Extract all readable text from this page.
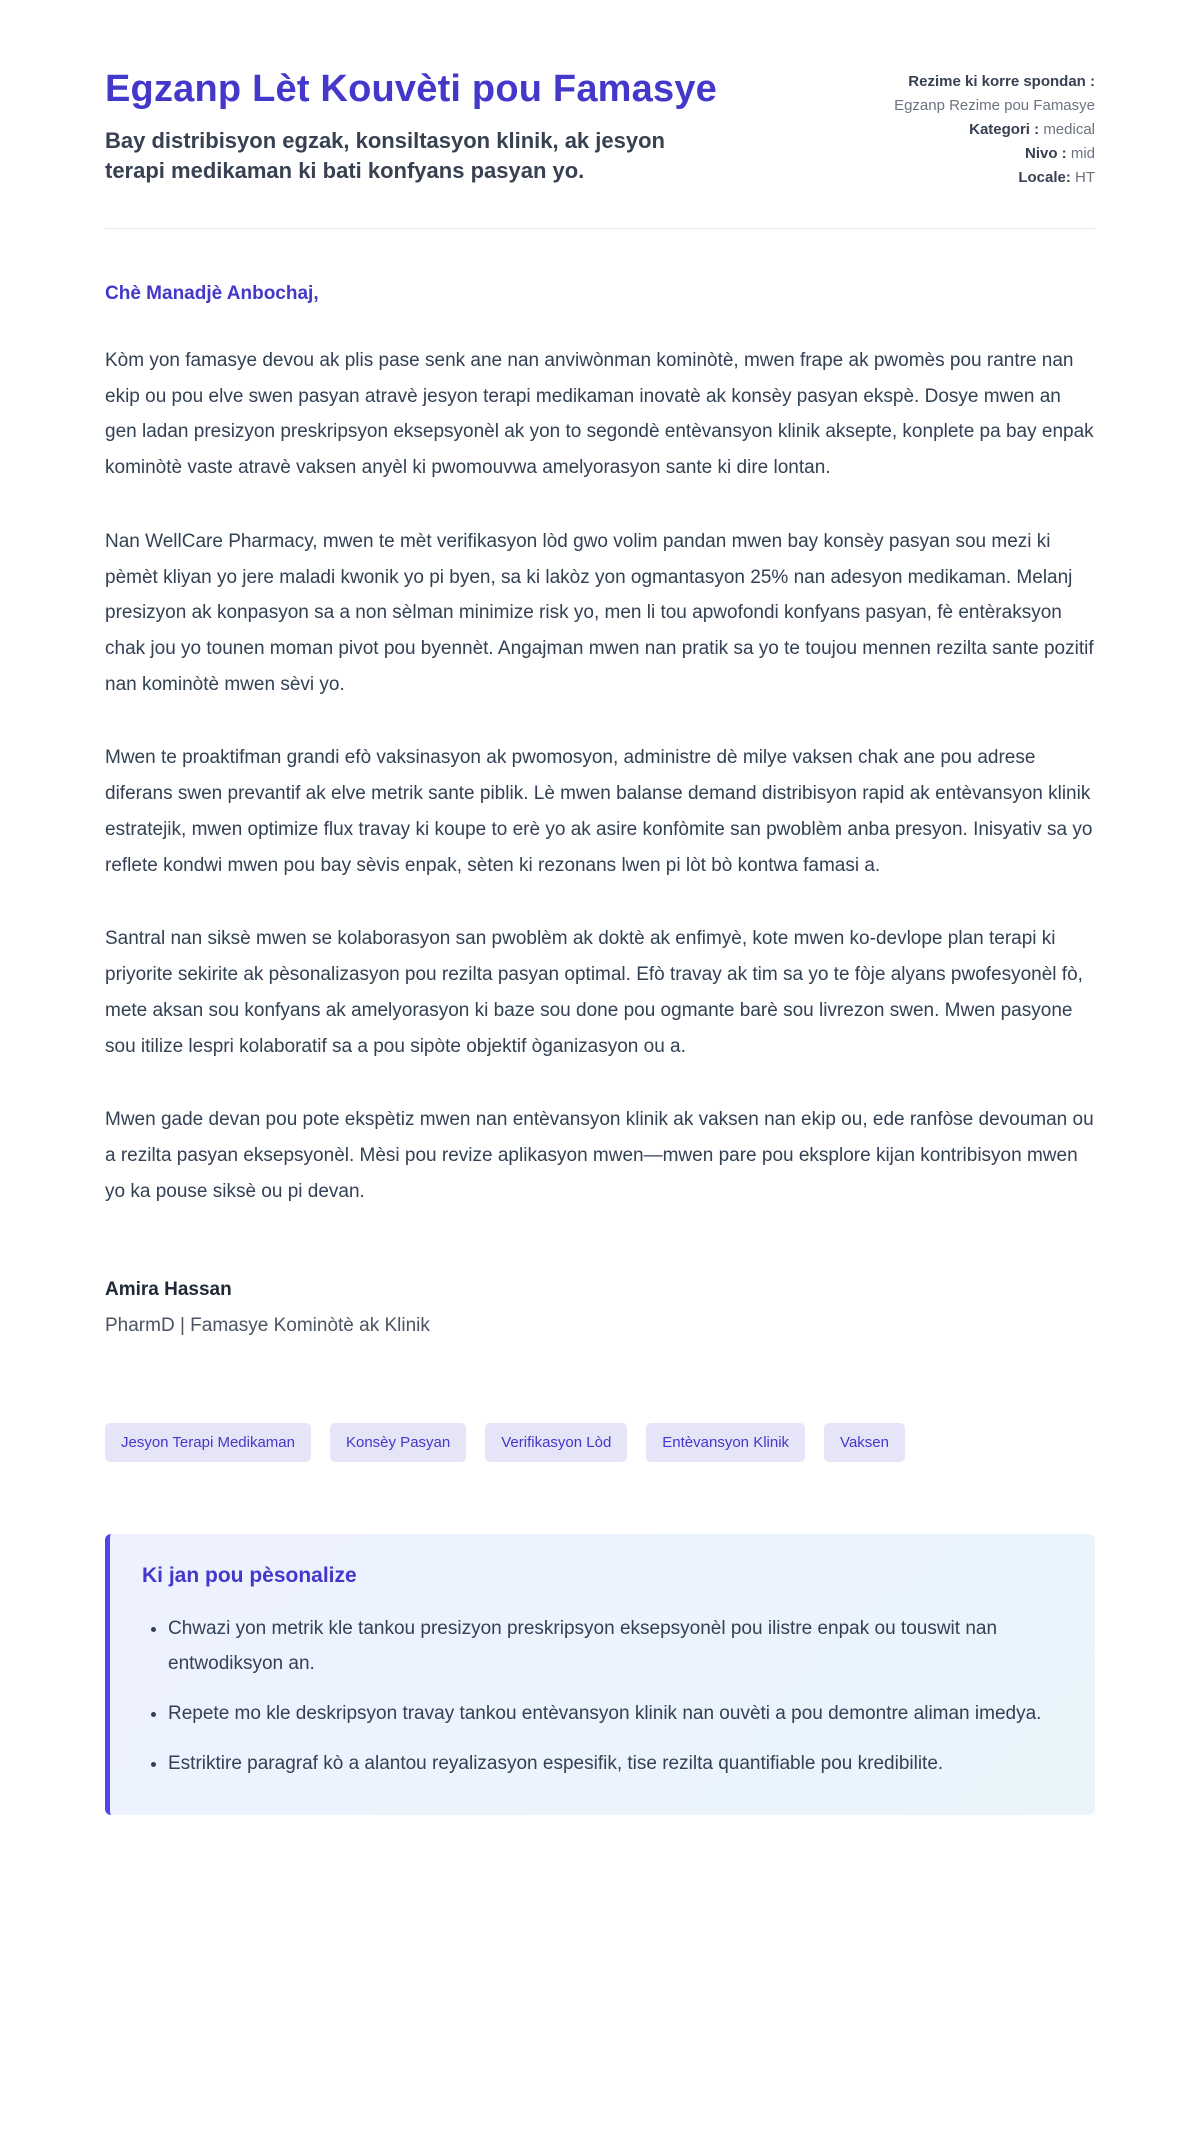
Egzanp Lèt Kouvèti pou Famasye

Bay distribisyon egzak, konsiltasyon klinik, ak jesyon terapi medikaman ki bati konfyans pasyan yo.

Rezime ki korre spondan : Egzanp Rezime pou Famasye

Kategori : medical

Nivo : mid

Locale: HT

Chè Manadjè Anbochaj,

Kòm yon famasye devou ak plis pase senk ane nan anviwònman kominòtè, mwen frape ak pwomès pou rantre nan ekip ou pou elve swen pasyan atravè jesyon terapi medikaman inovatè ak konsèy pasyan ekspè. Dosye mwen an gen ladan presizyon preskripsyon eksepsyonèl ak yon to segondè entèvansyon klinik aksepte, konplete pa bay enpak kominòtè vaste atravè vaksen anyèl ki pwomouvwa amelyorasyon sante ki dire lontan.

Nan WellCare Pharmacy, mwen te mèt verifikasyon lòd gwo volim pandan mwen bay konsèy pasyan sou mezi ki pèmèt kliyan yo jere maladi kwonik yo pi byen, sa ki lakòz yon ogmantasyon 25% nan adesyon medikaman. Melanj presizyon ak konpasyon sa a non sèlman minimize risk yo, men li tou apwofondi konfyans pasyan, fè entèraksyon chak jou yo tounen moman pivot pou byennèt. Angajman mwen nan pratik sa yo te toujou mennen rezilta sante pozitif nan kominòtè mwen sèvi yo.

Mwen te proaktifman grandi efò vaksinasyon ak pwomosyon, administre dè milye vaksen chak ane pou adrese diferans swen prevantif ak elve metrik sante piblik. Lè mwen balanse demand distribisyon rapid ak entèvansyon klinik estratejik, mwen optimize flux travay ki koupe to erè yo ak asire konfòmite san pwoblèm anba presyon. Inisyativ sa yo reflete kondwi mwen pou bay sèvis enpak, sèten ki rezonans lwen pi lòt bò kontwa famasi a.

Santral nan siksè mwen se kolaborasyon san pwoblèm ak doktè ak enfimyè, kote mwen ko-devlope plan terapi ki priyorite sekirite ak pèsonalizasyon pou rezilta pasyan optimal. Efò travay ak tim sa yo te fòje alyans pwofesyonèl fò, mete aksan sou konfyans ak amelyorasyon ki baze sou done pou ogmante barè sou livrezon swen. Mwen pasyone sou itilize lespri kolaboratif sa a pou sipòte objektif òganizasyon ou a.

Mwen gade devan pou pote ekspètiz mwen nan entèvansyon klinik ak vaksen nan ekip ou, ede ranfòse devouman ou a rezilta pasyan eksepsyonèl. Mèsi pou revize aplikasyon mwen—mwen pare pou eksplore kijan kontribisyon mwen yo ka pouse siksè ou pi devan.

Amira Hassan

PharmD | Famasye Kominòtè ak Klinik

Jesyon Terapi Medikaman	Konsèy Pasyan	Verifikasyon Lòd	Entèvansyon Klinik	Vaksen
Ki jan pou pèsonalize
• Chwazi yon metrik kle tankou presizyon preskripsyon eksepsyonèl pou ilistre enpak ou touswit nan entwodiksyon an.
• Repete mo kle deskripsyon travay tankou entèvansyon klinik nan ouvèti a pou demontre aliman imedya.
• Estriktire paragraf kò a alantou reyalizasyon espesifik, tise rezilta quantifiable pou kredibilite.
